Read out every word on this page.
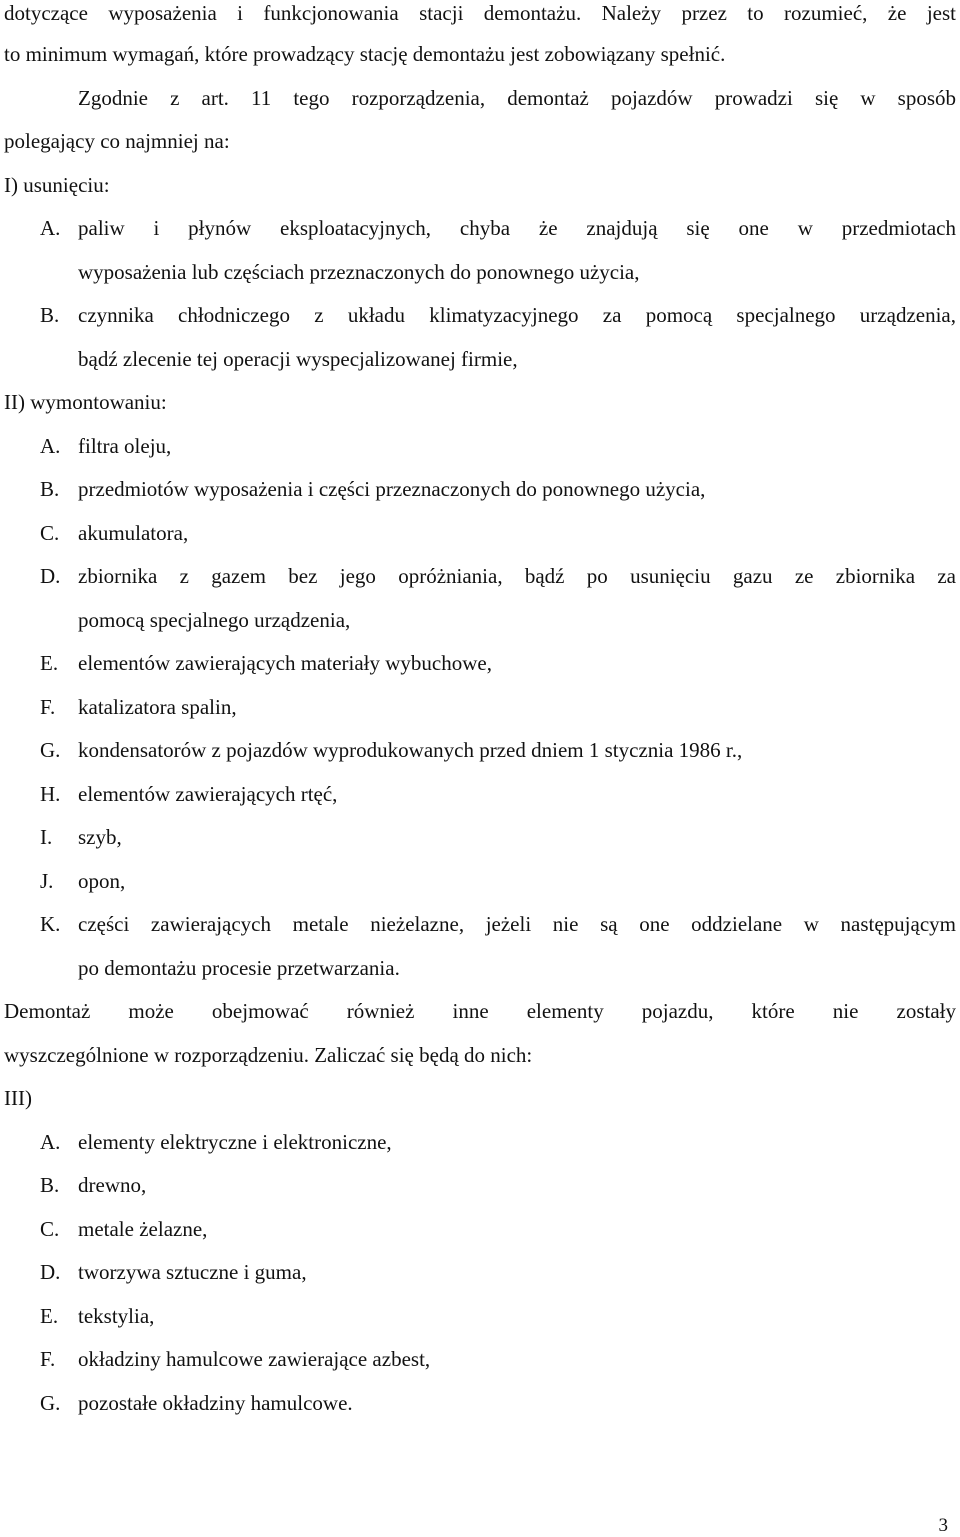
dotyczące wyposażenia i funkcjonowania stacji demontażu. Należy przez to rozumieć, że jest
to minimum wymagań, które prowadzący stację demontażu jest zobowiązany spełnić.
Zgodnie z art. 11 tego rozporządzenia, demontaż pojazdów prowadzi się w sposób
polegający co najmniej na:
I) usunięciu:
A. paliw i płynów eksploatacyjnych, chyba że znajdują się one w przedmiotach
wyposażenia lub częściach przeznaczonych do ponownego użycia,
B. czynnika chłodniczego z układu klimatyzacyjnego za pomocą specjalnego urządzenia,
bądź zlecenie tej operacji wyspecjalizowanej firmie,
II) wymontowaniu:
A. filtra oleju,
B. przedmiotów wyposażenia i części przeznaczonych do ponownego użycia,
C. akumulatora,
D. zbiornika z gazem bez jego opróżniania, bądź po usunięciu gazu ze zbiornika za
pomocą specjalnego urządzenia,
E. elementów zawierających materiały wybuchowe,
F.	katalizatora spalin,
G. kondensatorów z pojazdów wyprodukowanych przed dniem 1 stycznia 1986 r.,
H. elementów zawierających rtęć,
I.	szyb,
J.	opon,
K. części zawierających metale nieżelazne, jeżeli nie są one oddzielane w następującym
po demontażu procesie przetwarzania.
Demontaż może obejmować również inne elementy pojazdu, które nie zostały
wyszczególnione w rozporządzeniu. Zaliczać się będą do nich:
III)
A. elementy elektryczne i elektroniczne,
B. drewno,
C. metale żelazne,
D. tworzywa sztuczne i guma,
E. tekstylia,
F.	okładziny hamulcowe zawierające azbest,
G. pozostałe okładziny hamulcowe.
3
